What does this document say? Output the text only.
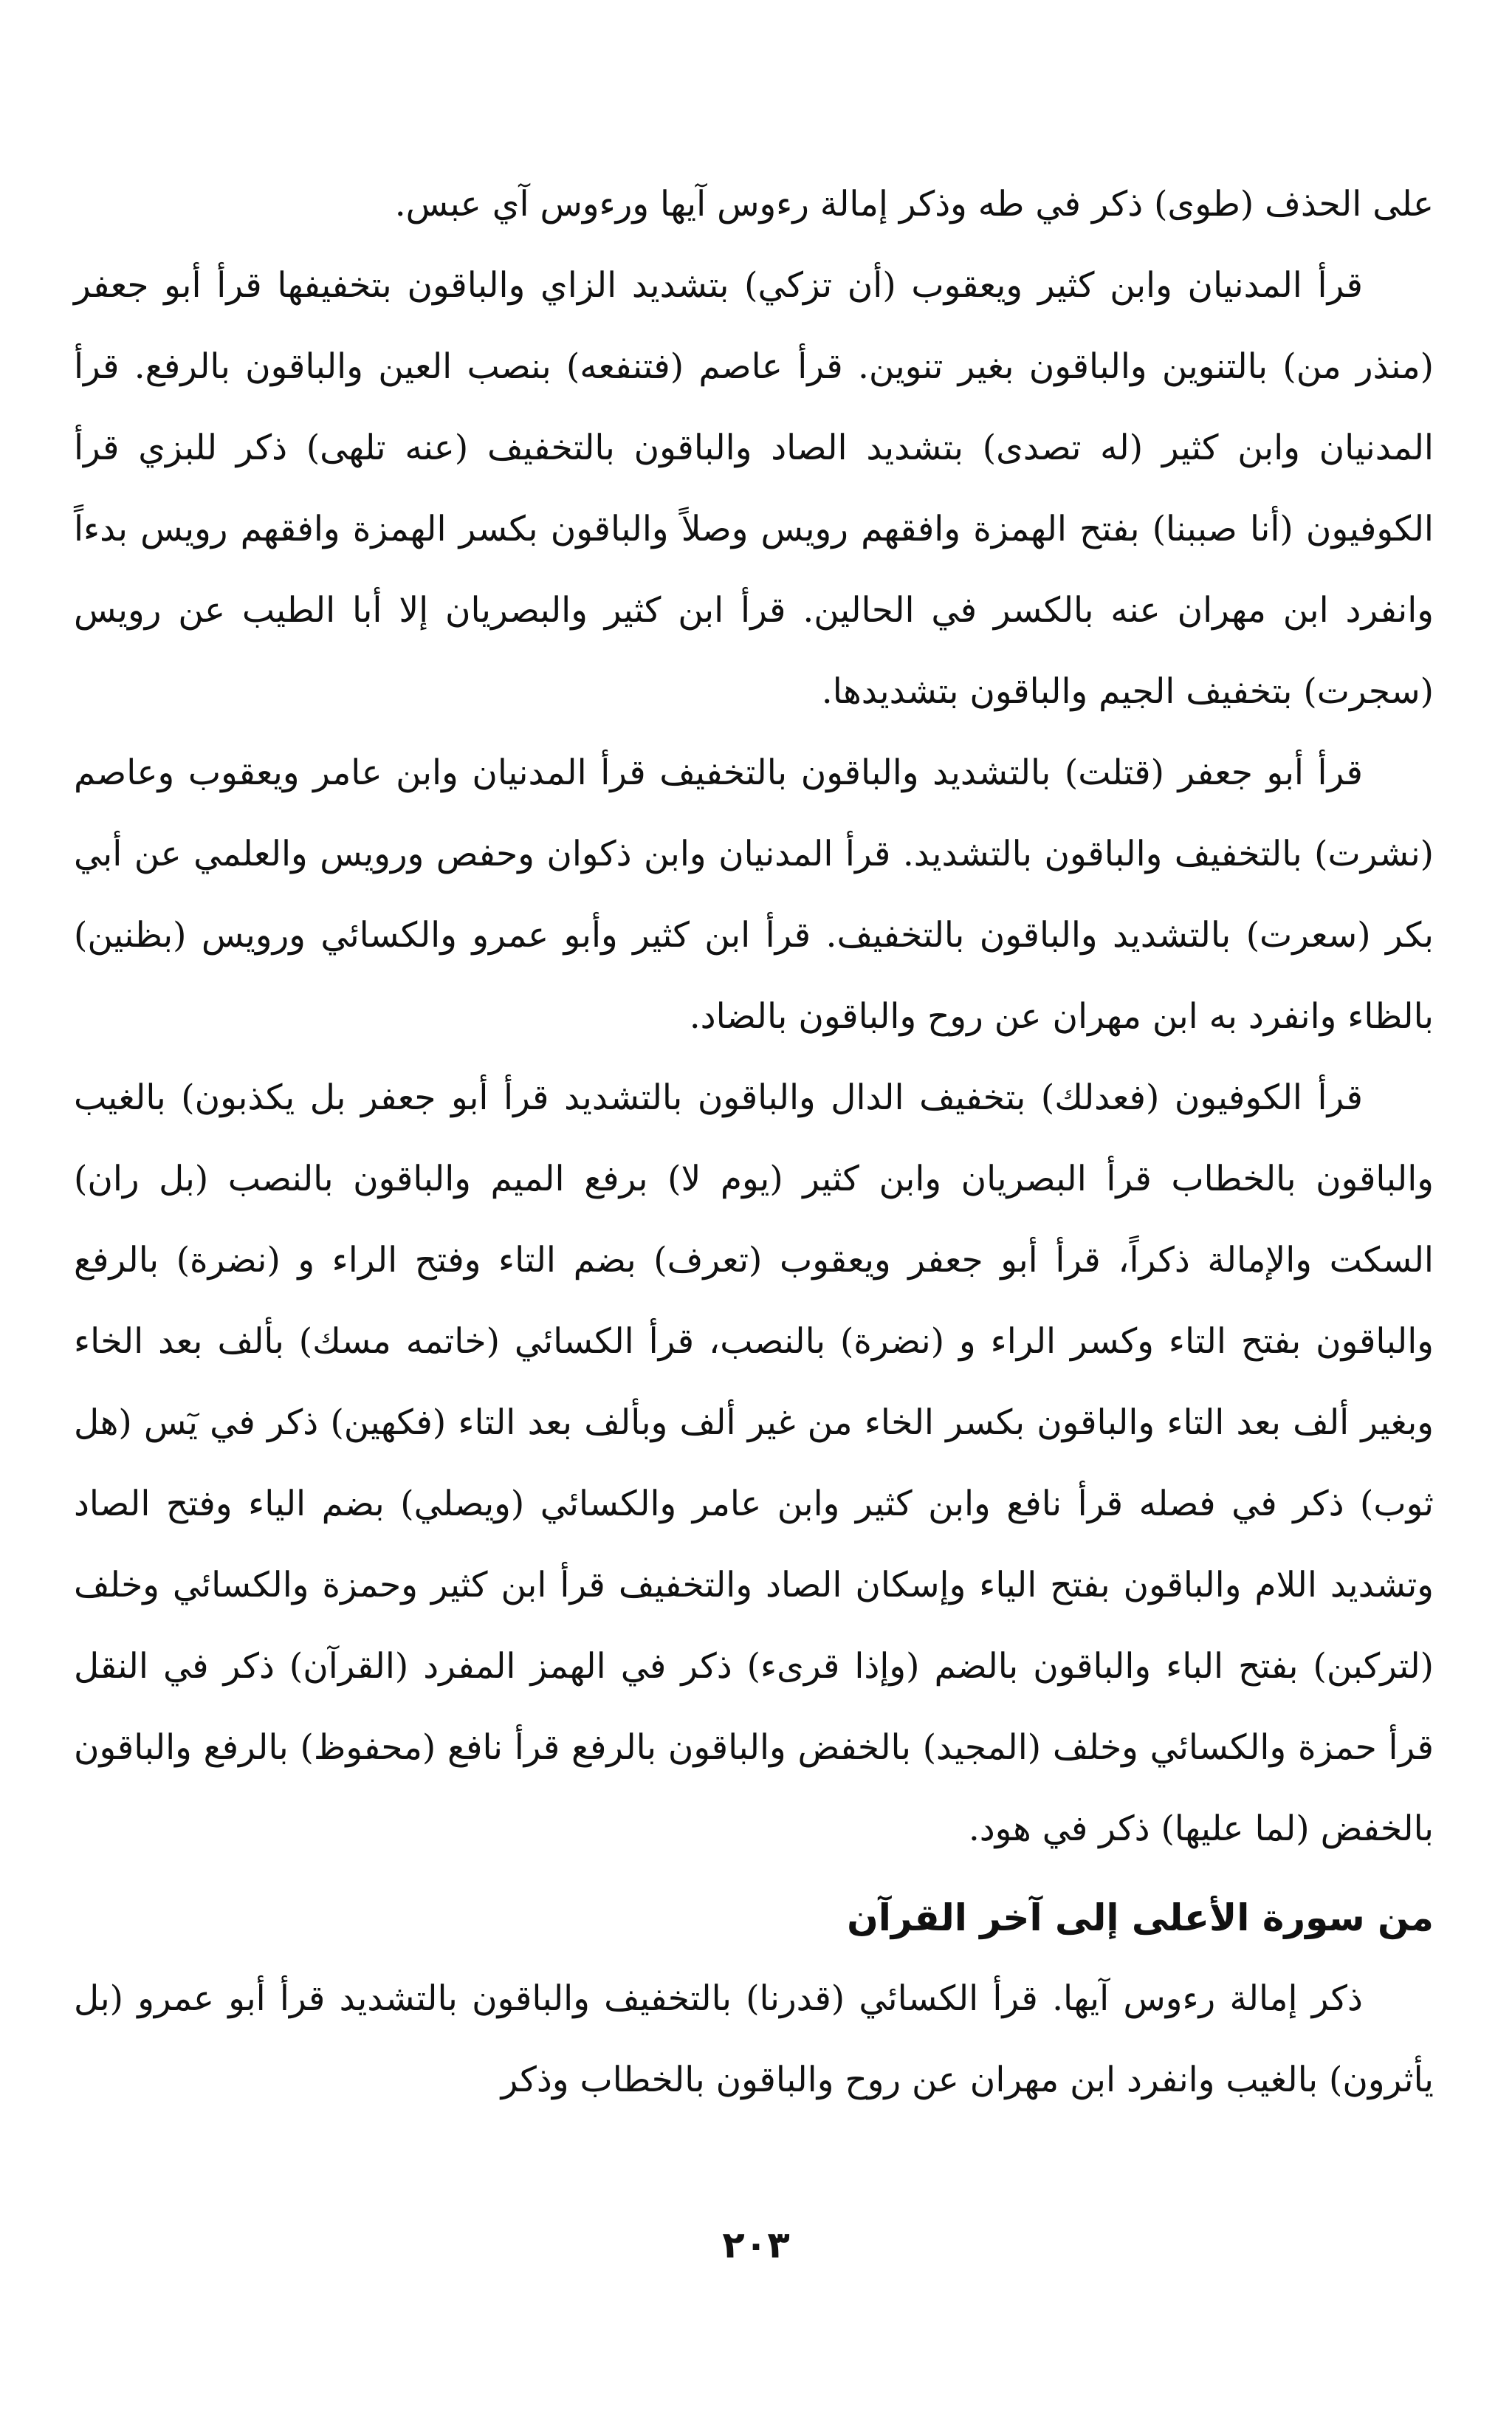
على الحذف (طوى) ذكر في طه وذكر إمالة رءوس آيها ورءوس آي عبس.

قرأ المدنيان وابن كثير ويعقوب (أن تزكي) بتشديد الزاي والباقون بتخفيفها قرأ أبو جعفر (منذر من) بالتنوين والباقون بغير تنوين. قرأ عاصم (فتنفعه) بنصب العين والباقون بالرفع. قرأ المدنيان وابن كثير (له تصدى) بتشديد الصاد والباقون بالتخفيف (عنه تلهى) ذكر للبزي قرأ الكوفيون (أنا صببنا) بفتح الهمزة وافقهم رويس وصلاً والباقون بكسر الهمزة وافقهم رويس بدءاً وانفرد ابن مهران عنه بالكسر في الحالين. قرأ ابن كثير والبصريان إلا أبا الطيب عن رويس (سجرت) بتخفيف الجيم والباقون بتشديدها.

قرأ أبو جعفر (قتلت) بالتشديد والباقون بالتخفيف قرأ المدنيان وابن عامر ويعقوب وعاصم (نشرت) بالتخفيف والباقون بالتشديد. قرأ المدنيان وابن ذكوان وحفص ورويس والعلمي عن أبي بكر (سعرت) بالتشديد والباقون بالتخفيف. قرأ ابن كثير وأبو عمرو والكسائي ورويس (بظنين) بالظاء وانفرد به ابن مهران عن روح والباقون بالضاد.

قرأ الكوفيون (فعدلك) بتخفيف الدال والباقون بالتشديد قرأ أبو جعفر بل يكذبون) بالغيب والباقون بالخطاب قرأ البصريان وابن كثير (يوم لا) برفع الميم والباقون بالنصب (بل ران) السكت والإمالة ذكراً، قرأ أبو جعفر ويعقوب (تعرف) بضم التاء وفتح الراء و (نضرة) بالرفع والباقون بفتح التاء وكسر الراء و (نضرة) بالنصب، قرأ الكسائي (خاتمه مسك) بألف بعد الخاء وبغير ألف بعد التاء والباقون بكسر الخاء من غير ألف وبألف بعد التاء (فكهين) ذكر في يٓس (هل ثوب) ذكر في فصله قرأ نافع وابن كثير وابن عامر والكسائي (ويصلي) بضم الياء وفتح الصاد وتشديد اللام والباقون بفتح الياء وإسكان الصاد والتخفيف قرأ ابن كثير وحمزة والكسائي وخلف (لتركبن) بفتح الباء والباقون بالضم (وإذا قرىء) ذكر في الهمز المفرد (القرآن) ذكر في النقل قرأ حمزة والكسائي وخلف (المجيد) بالخفض والباقون بالرفع قرأ نافع (محفوظ) بالرفع والباقون بالخفض (لما عليها) ذكر في هود.

من سورة الأعلى إلى آخر القرآن

ذكر إمالة رءوس آيها. قرأ الكسائي (قدرنا) بالتخفيف والباقون بالتشديد قرأ أبو عمرو (بل يأثرون) بالغيب وانفرد ابن مهران عن روح والباقون بالخطاب وذكر

٢٠٣
